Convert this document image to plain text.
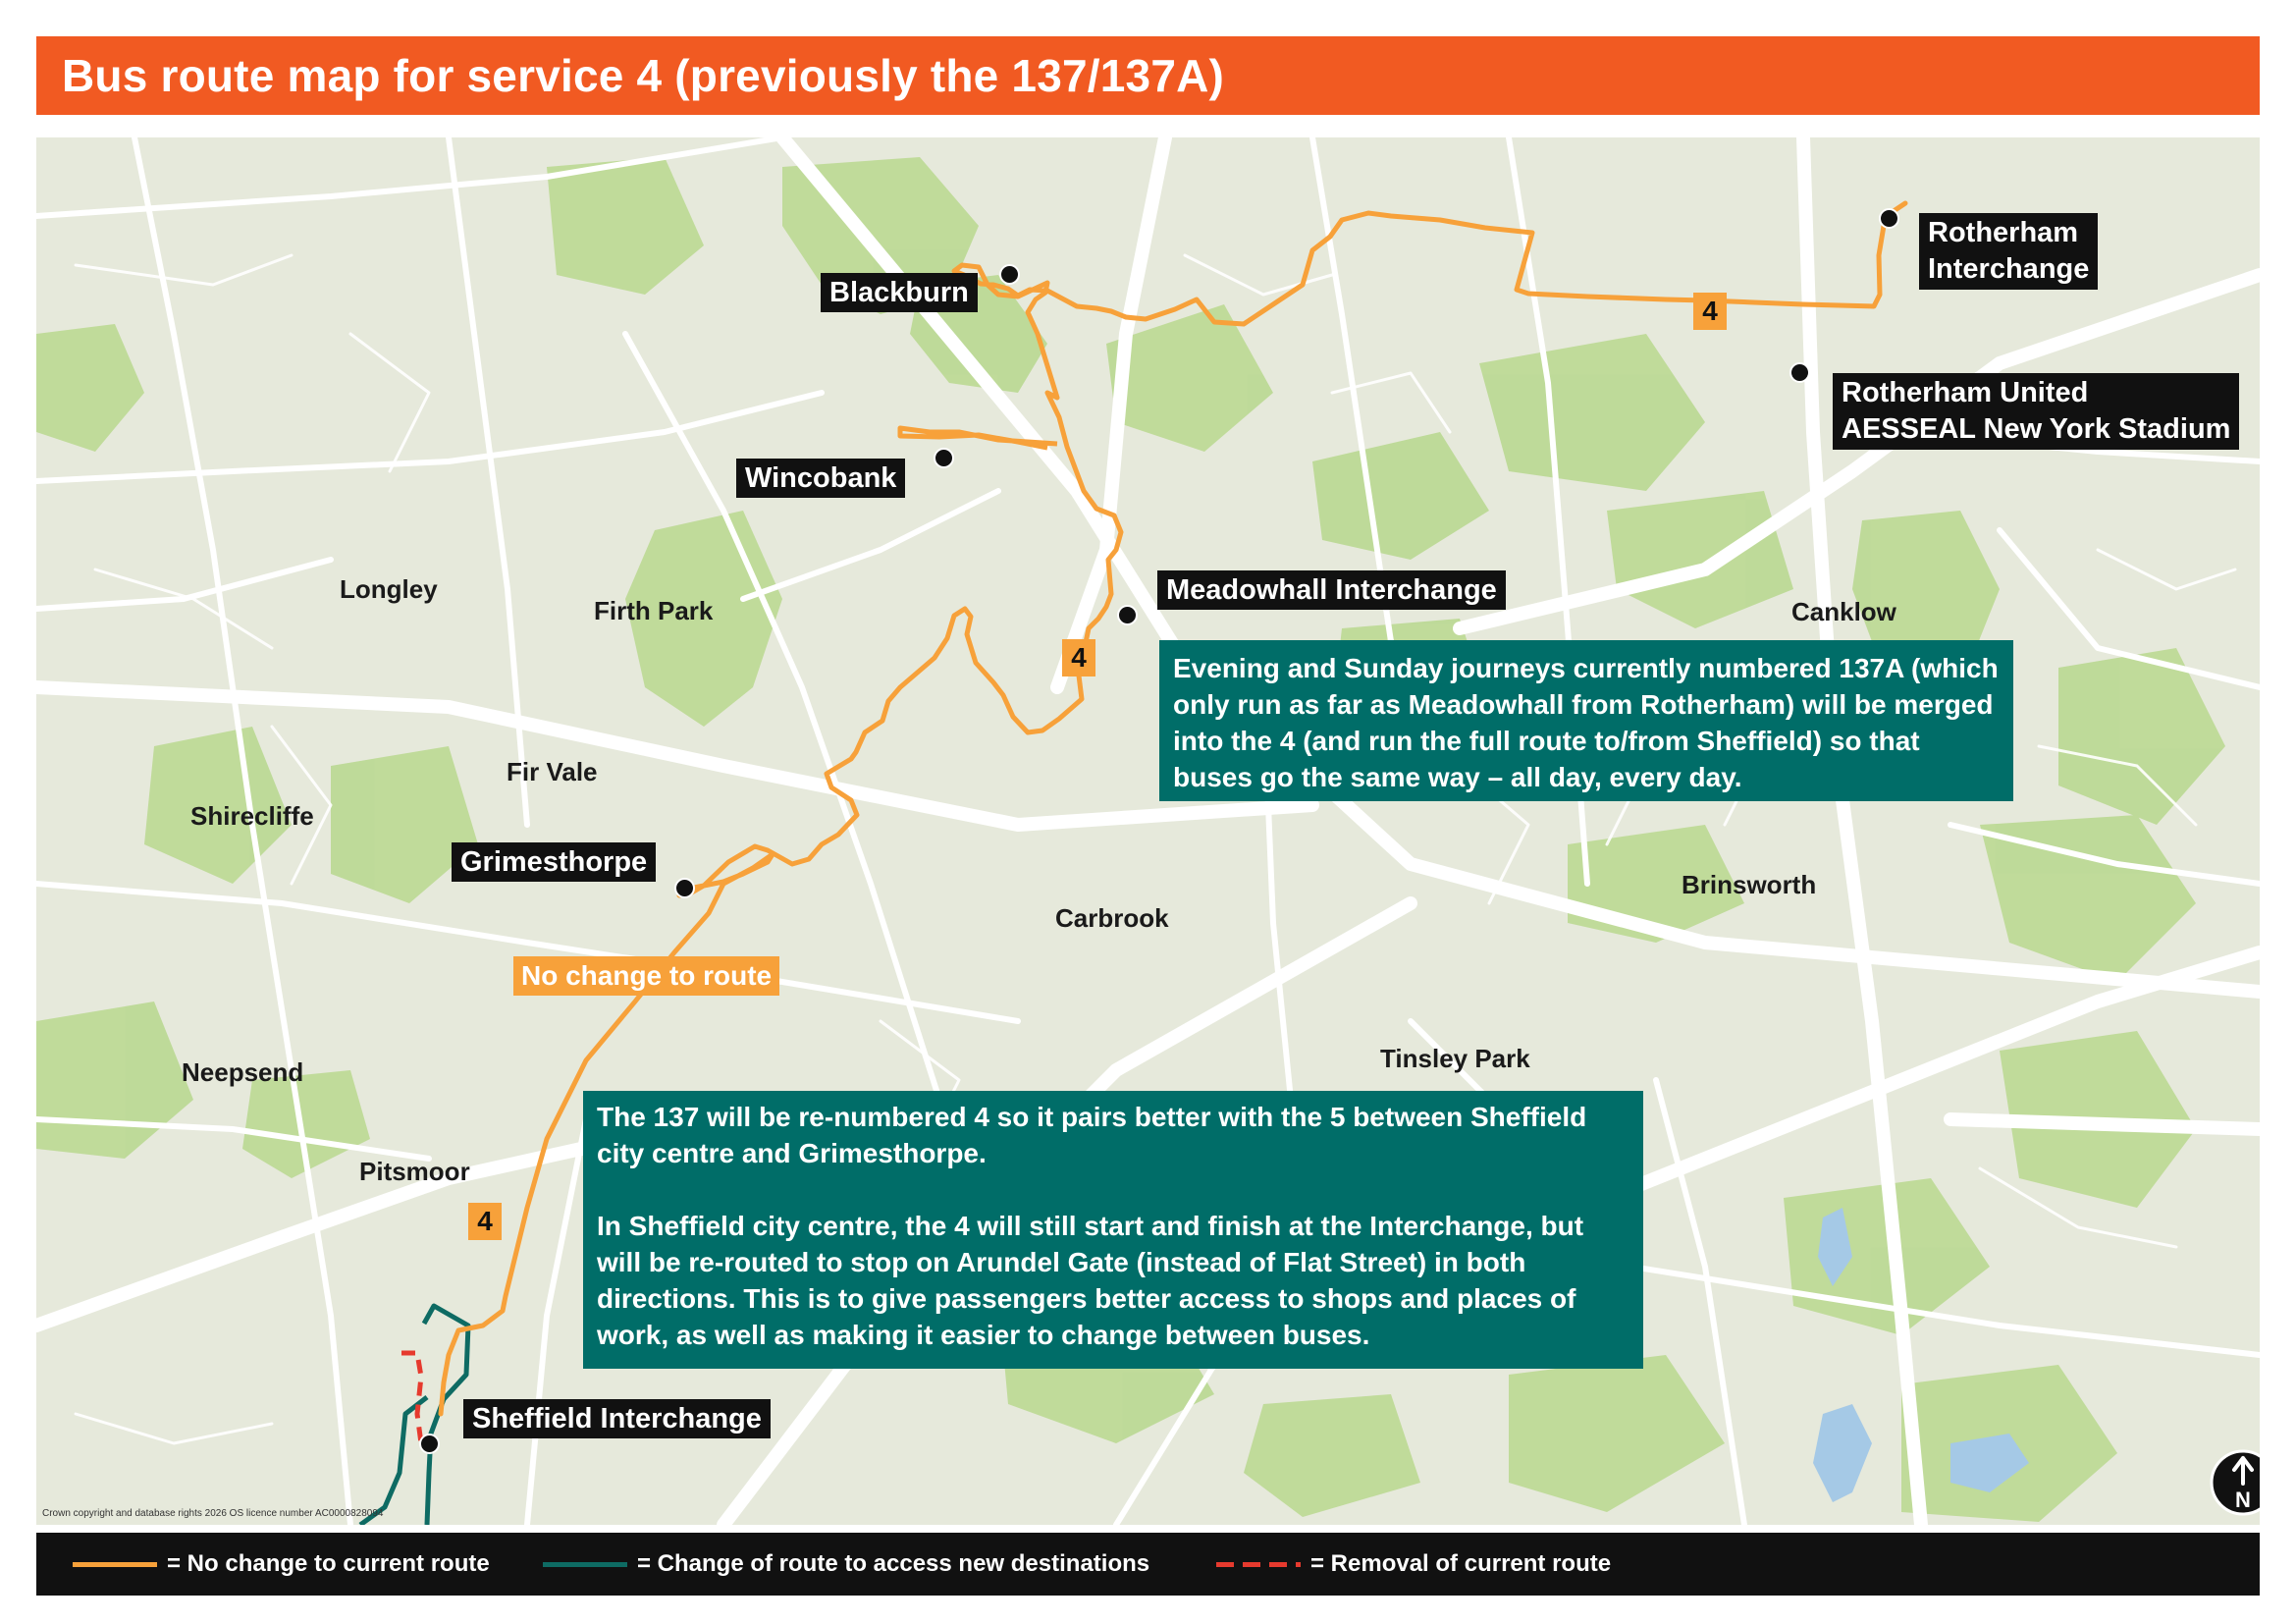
Bus route map for service 4 (previously the 137/137A)
Blackburn
Wincobank
Meadowhall Interchange
Rotherham
Interchange
Rotherham United
AESSEAL New York Stadium
Grimesthorpe
Sheffield Interchange
Longley
Firth Park
Fir Vale
Shirecliffe
Neepsend
Pitsmoor
Carbrook
Tinsley Park
Brinsworth
Canklow
4
4
4
No change to route

Evening and Sunday journeys currently numbered 137A (which only run as far as Meadowhall from Rotherham) will be merged into the 4 (and run the full route to/from Sheffield) so that buses go the same way – all day, every day.

The 137 will be re-numbered 4 so it pairs better with the 5 between Sheffield city centre and Grimesthorpe.

In Sheffield city centre, the 4 will still start and finish at the Interchange, but will be re-routed to stop on Arundel Gate (instead of Flat Street) in both directions. This is to give passengers better access to shops and places of work, as well as making it easier to change between buses.

Crown copyright and database rights 2026 OS licence number AC0000828094
N
= No change to current route	= Change of route to access new destinations	= Removal of current route
